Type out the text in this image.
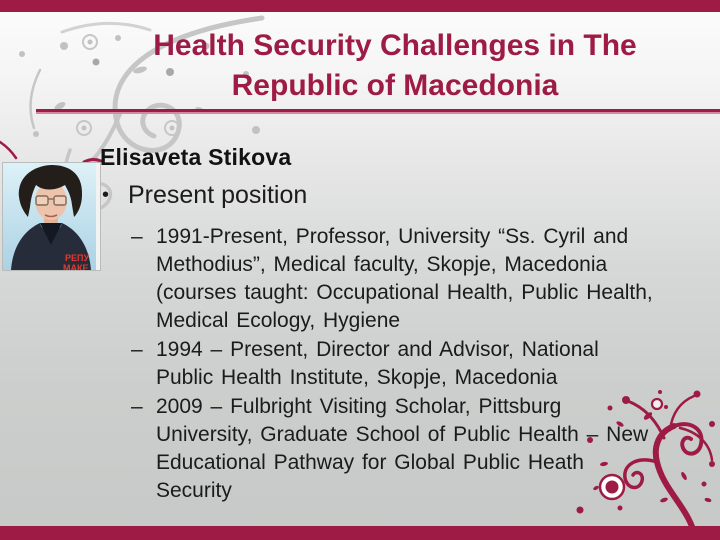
Health Security Challenges in The
Republic of Macedonia
РЕПУ
МАКЕ
Elisaveta Stikova
• Present position
– 1991-Present, Professor, University “Ss. Cyril and
Methodius”, Medical faculty, Skopje, Macedonia
(courses taught: Occupational Health, Public Health,
Medical Ecology, Hygiene
– 1994 – Present, Director and Advisor, National
Public Health Institute, Skopje, Macedonia
– 2009 – Fulbright Visiting Scholar, Pittsburg
University, Graduate School of Public Health – New
Educational Pathway for Global Public Heath
Security
